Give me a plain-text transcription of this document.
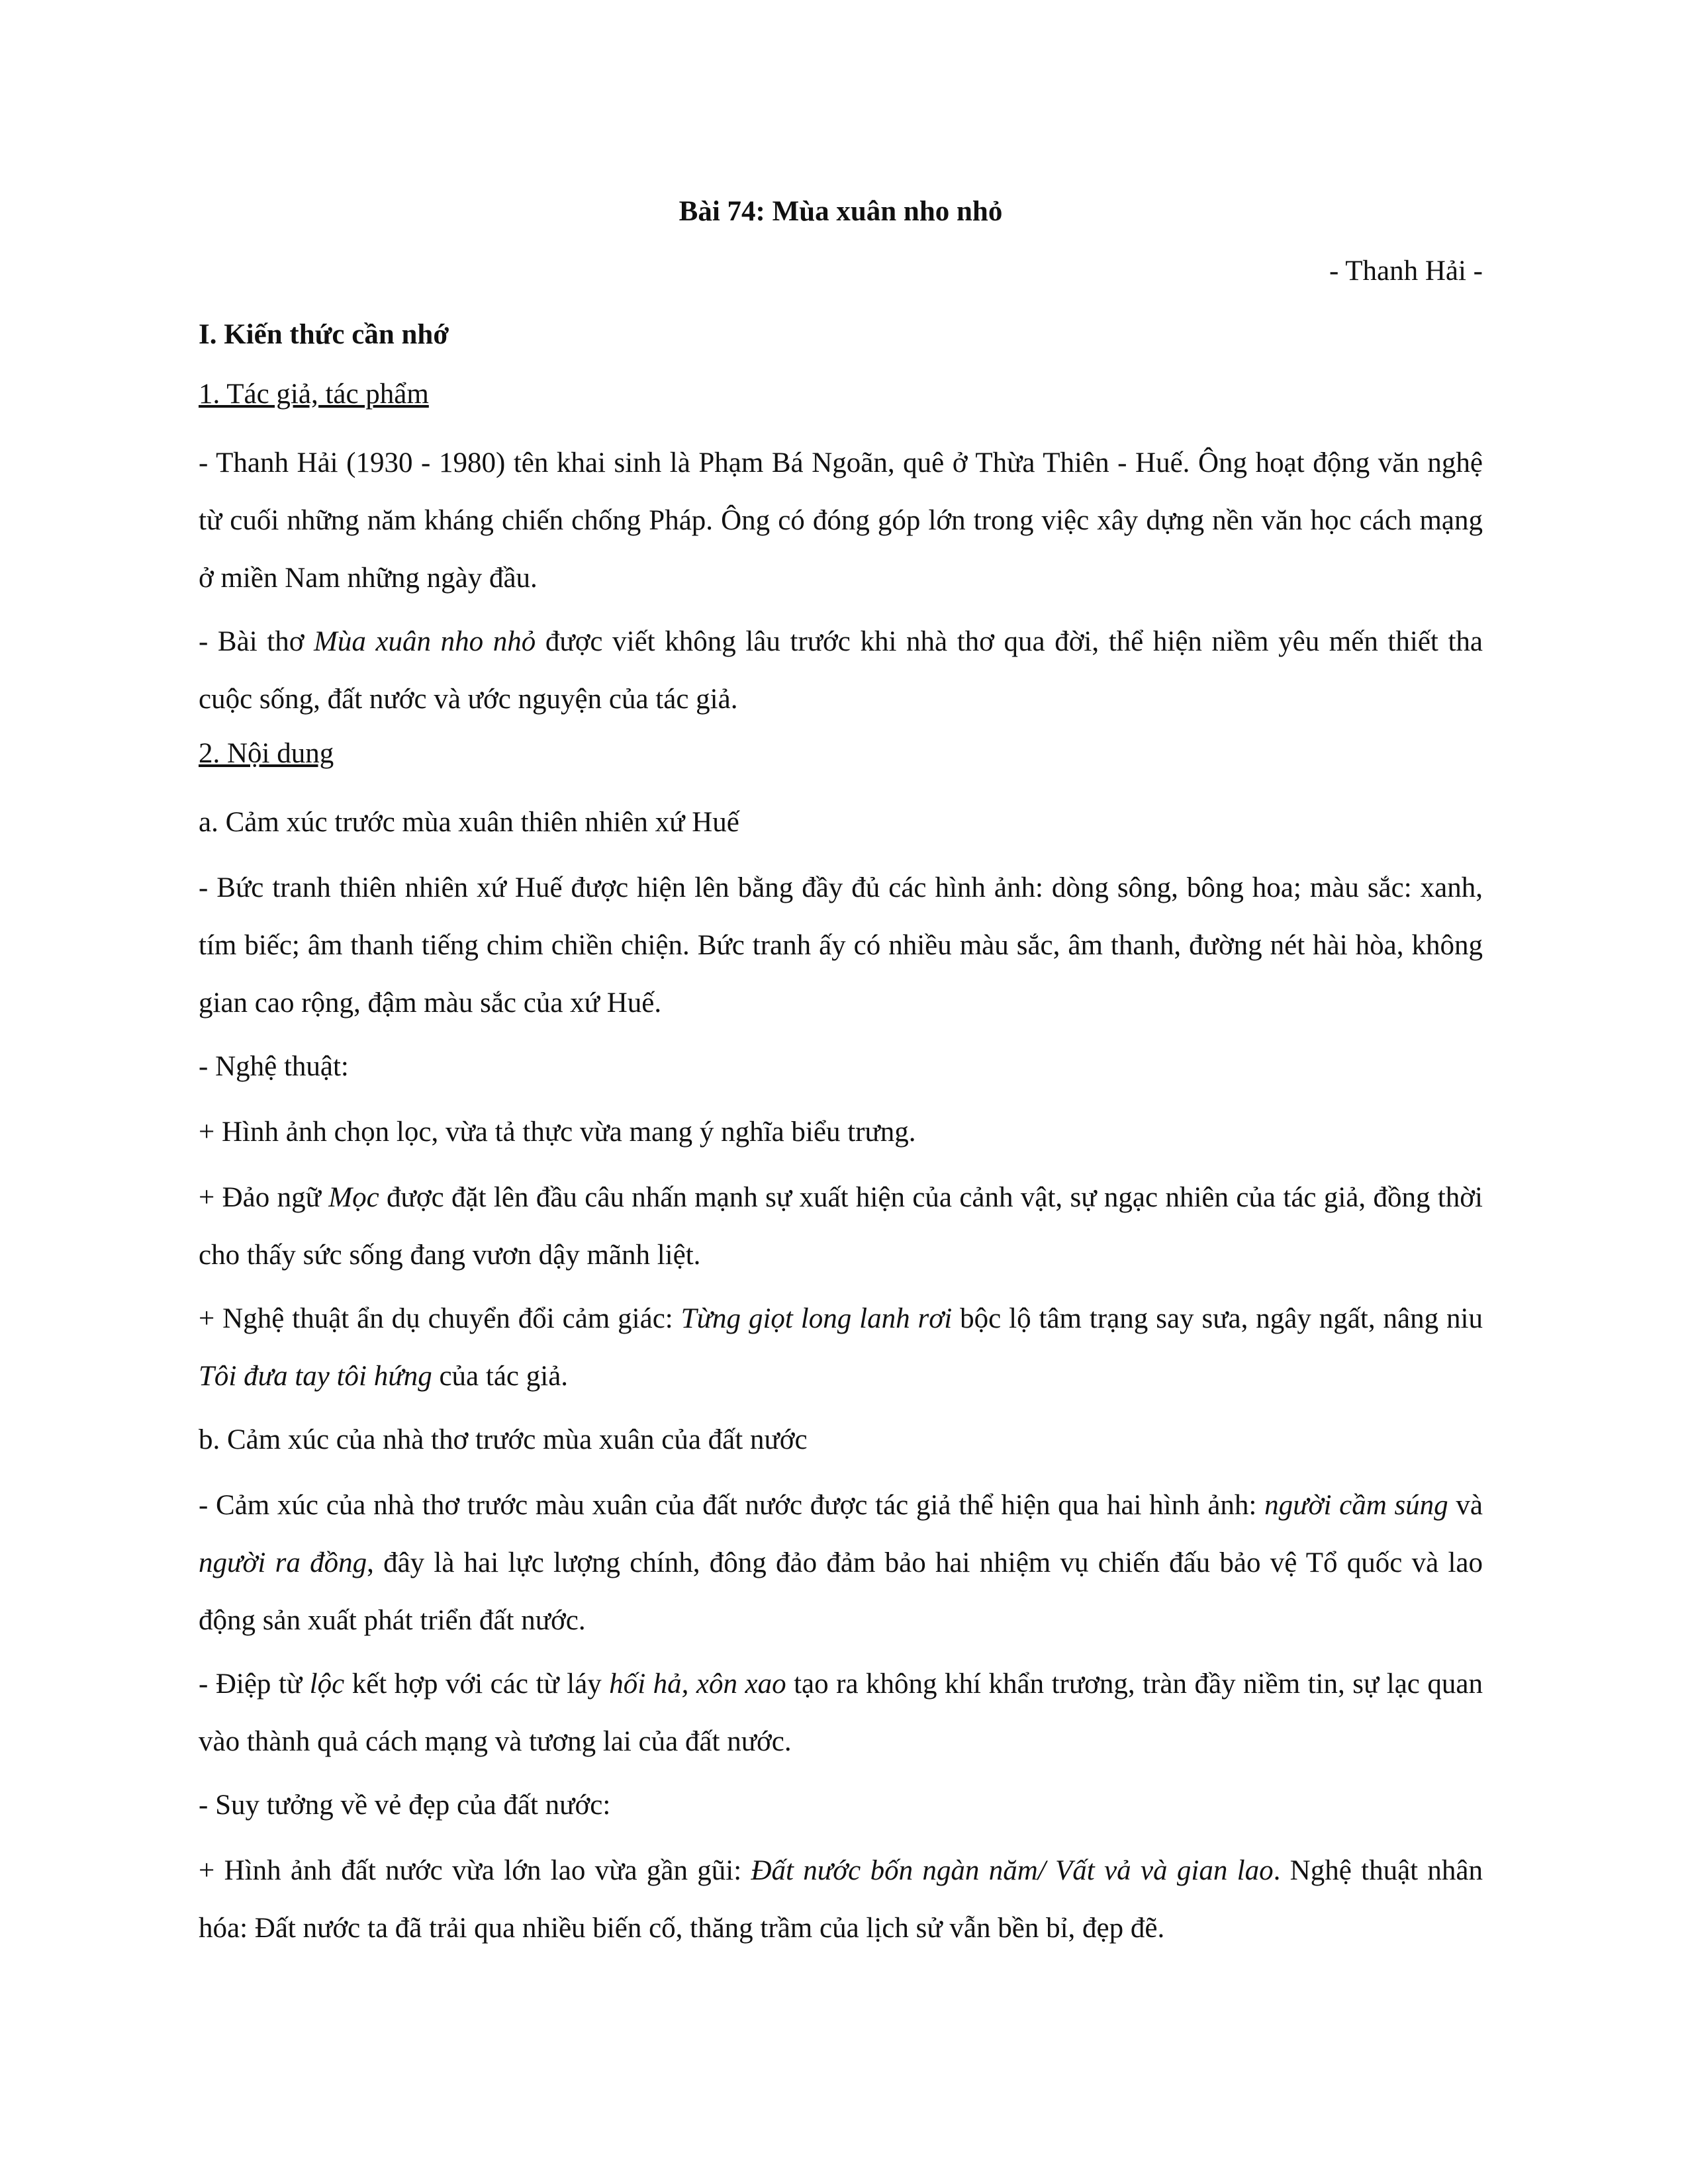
Bài 74: Mùa xuân nho nhỏ
- Thanh Hải -
I. Kiến thức cần nhớ
1. Tác giả, tác phẩm
- Thanh Hải (1930 - 1980) tên khai sinh là Phạm Bá Ngoãn, quê ở Thừa Thiên - Huế. Ông hoạt động văn nghệ từ cuối những năm kháng chiến chống Pháp. Ông có đóng góp lớn trong việc xây dựng nền văn học cách mạng ở miền Nam những ngày đầu.
- Bài thơ Mùa xuân nho nhỏ được viết không lâu trước khi nhà thơ qua đời, thể hiện niềm yêu mến thiết tha cuộc sống, đất nước và ước nguyện của tác giả.
2. Nội dung
a. Cảm xúc trước mùa xuân thiên nhiên xứ Huế
- Bức tranh thiên nhiên xứ Huế được hiện lên bằng đầy đủ các hình ảnh: dòng sông, bông hoa; màu sắc: xanh, tím biếc; âm thanh tiếng chim chiền chiện. Bức tranh ấy có nhiều màu sắc, âm thanh, đường nét hài hòa, không gian cao rộng, đậm màu sắc của xứ Huế.
- Nghệ thuật:
+ Hình ảnh chọn lọc, vừa tả thực vừa mang ý nghĩa biểu trưng.
+ Đảo ngữ Mọc được đặt lên đầu câu nhấn mạnh sự xuất hiện của cảnh vật, sự ngạc nhiên của tác giả, đồng thời cho thấy sức sống đang vươn dậy mãnh liệt.
+ Nghệ thuật ẩn dụ chuyển đổi cảm giác: Từng giọt long lanh rơi bộc lộ tâm trạng say sưa, ngây ngất, nâng niu Tôi đưa tay tôi hứng của tác giả.
b. Cảm xúc của nhà thơ trước mùa xuân của đất nước
- Cảm xúc của nhà thơ trước màu xuân của đất nước được tác giả thể hiện qua hai hình ảnh: người cầm súng và người ra đồng, đây là hai lực lượng chính, đông đảo đảm bảo hai nhiệm vụ chiến đấu bảo vệ Tổ quốc và lao động sản xuất phát triển đất nước.
- Điệp từ lộc kết hợp với các từ láy hối hả, xôn xao tạo ra không khí khẩn trương, tràn đầy niềm tin, sự lạc quan vào thành quả cách mạng và tương lai của đất nước.
- Suy tưởng về vẻ đẹp của đất nước:
+ Hình ảnh đất nước vừa lớn lao vừa gần gũi: Đất nước bốn ngàn năm/ Vất vả và gian lao. Nghệ thuật nhân hóa: Đất nước ta đã trải qua nhiều biến cố, thăng trầm của lịch sử vẫn bền bỉ, đẹp đẽ.
